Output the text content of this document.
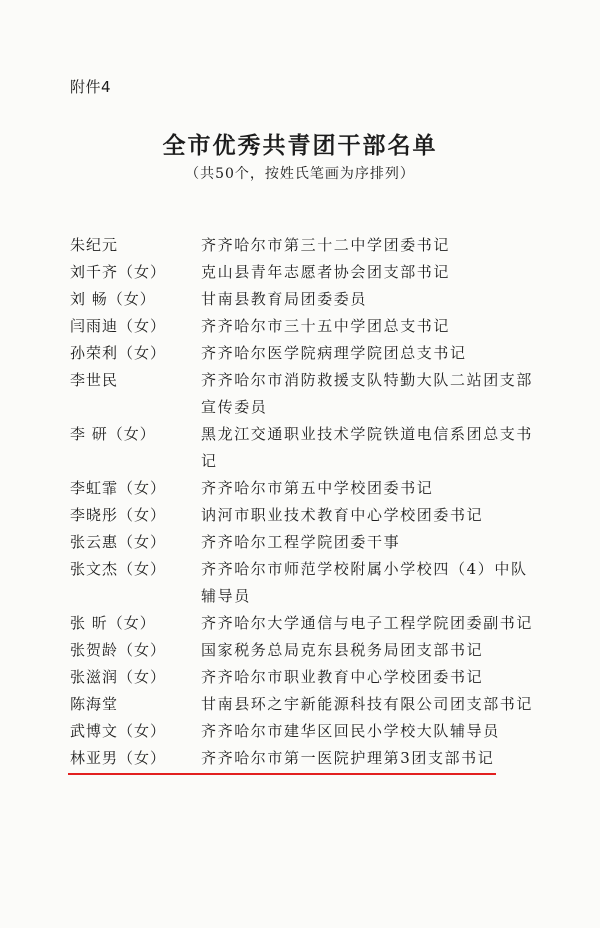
附件4
全市优秀共青团干部名单
（共50个，按姓氏笔画为序排列）
朱纪元	齐齐哈尔市第三十二中学团委书记
刘千齐（女）	克山县青年志愿者协会团支部书记
刘 畅（女）	甘南县教育局团委委员
闫雨迪（女）	齐齐哈尔市三十五中学团总支书记
孙荣利（女）	齐齐哈尔医学院病理学院团总支书记
李世民	齐齐哈尔市消防救援支队特勤大队二站团支部宣传委员
李 研（女）	黑龙江交通职业技术学院铁道电信系团总支书记
李虹霏（女）	齐齐哈尔市第五中学校团委书记
李晓彤（女）	讷河市职业技术教育中心学校团委书记
张云惠（女）	齐齐哈尔工程学院团委干事
张文杰（女）	齐齐哈尔市师范学校附属小学校四（4）中队辅导员
张 昕（女）	齐齐哈尔大学通信与电子工程学院团委副书记
张贺龄（女）	国家税务总局克东县税务局团支部书记
张滋润（女）	齐齐哈尔市职业教育中心学校团委书记
陈海堂	甘南县环之宇新能源科技有限公司团支部书记
武博文（女）	齐齐哈尔市建华区回民小学校大队辅导员
林亚男（女）	齐齐哈尔市第一医院护理第3团支部书记
